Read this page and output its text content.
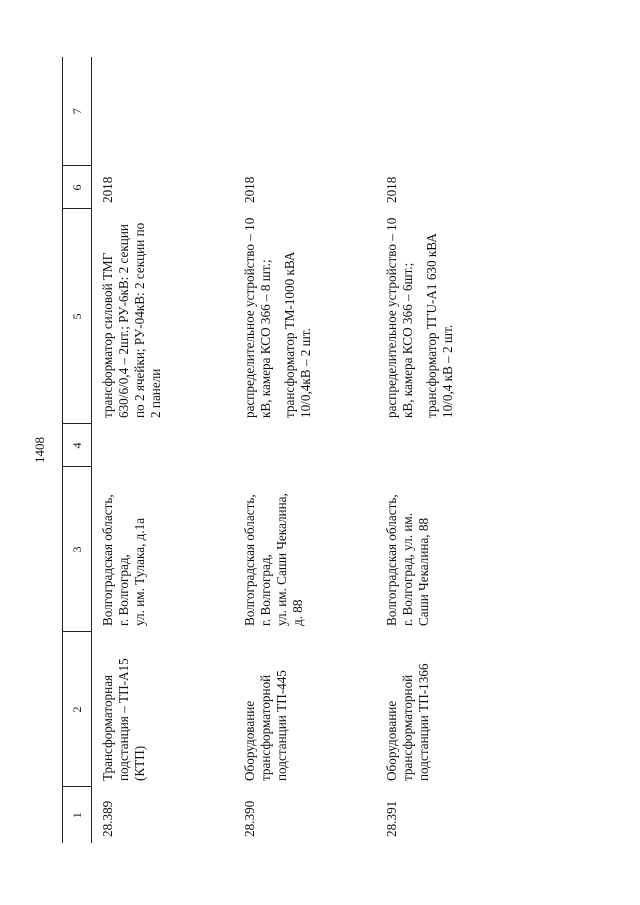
1408
1	2	3	4	5	6	7
28.389	Трансформаторная подстанция – ТП-А15 (КТП)	Волгоградская область, г. Волгоград, ул. им. Тулака, д.1а		трансформатор силовой ТМГ 630/6/0,4 – 2шт.; РУ-6кВ: 2 секции по 2 ячейки; РУ-04кВ: 2 секции по 2 панели	2018	
28.390	Оборудование трансформаторной подстанции ТП-445	Волгоградская область, г. Волгоград, ул. им. Саши Чекалина, д. 88		распределительное устройство – 10 кВ, камера КСО 366 – 8 шт.; трансформатор ТМ-1000 кВА 10/0,4кВ – 2 шт.	2018	
28.391	Оборудование трансформаторной подстанции ТП-1366	Волгоградская область, г. Волгоград, ул. им. Саши Чекалина, 88		распределительное устройство – 10 кВ, камера КСО 366 – 6шт.; трансформатор ТГU-А1 630 кВА 10/0,4 кВ – 2 шт.	2018	
